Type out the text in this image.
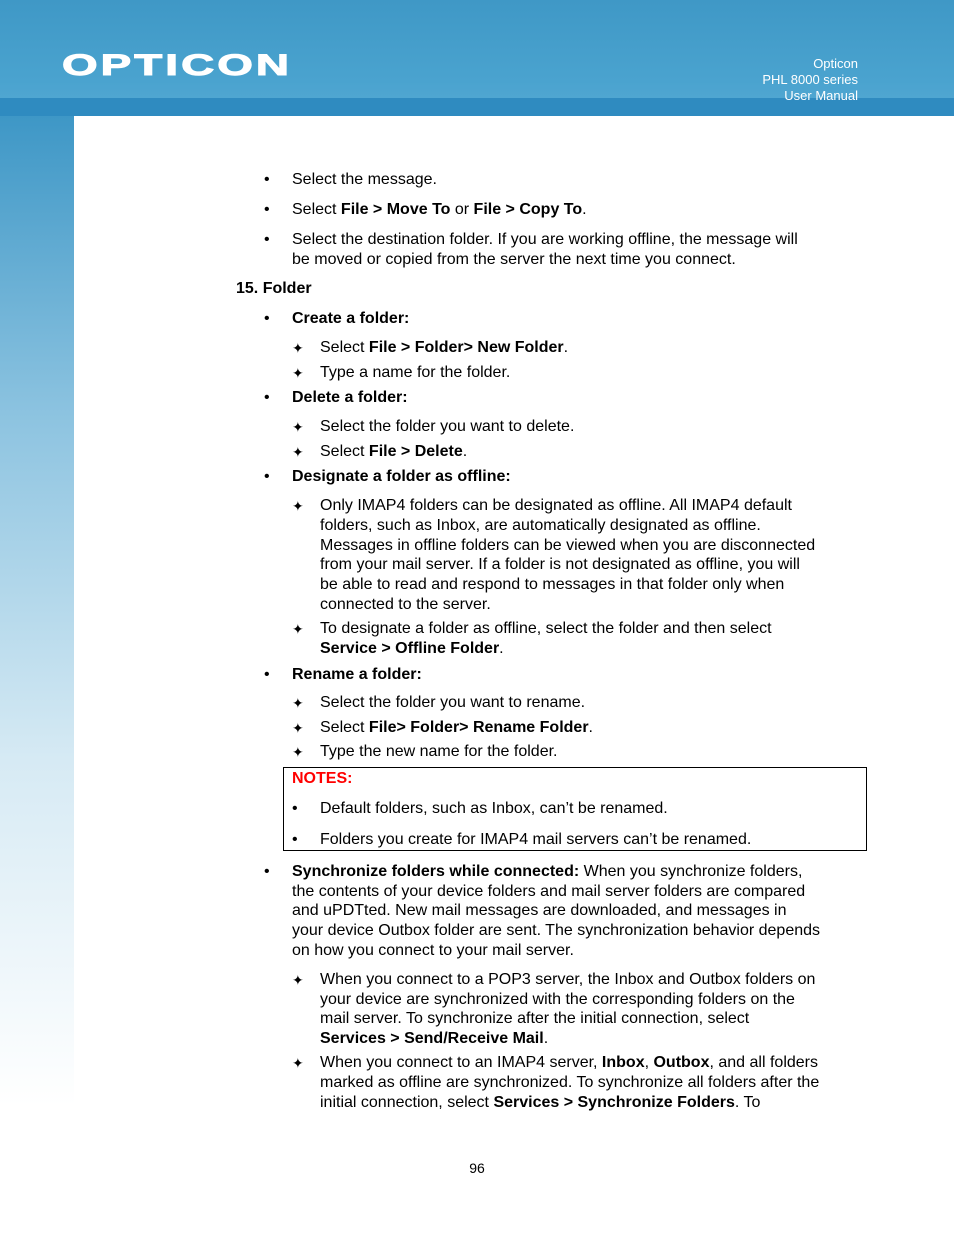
OPTICON	Opticon
PHL 8000 series
User Manual
• Select the message.
• Select File > Move To or File > Copy To.
• Select the destination folder. If you are working offline, the message will
be moved or copied from the server the next time you connect.
15. Folder
• Create a folder:
✦ Select File > Folder> New Folder.
✦ Type a name for the folder.
• Delete a folder:
✦ Select the folder you want to delete.
✦ Select File > Delete.
• Designate a folder as offline:
✦ Only IMAP4 folders can be designated as offline. All IMAP4 default
folders, such as Inbox, are automatically designated as offline.
Messages in offline folders can be viewed when you are disconnected
from your mail server. If a folder is not designated as offline, you will
be able to read and respond to messages in that folder only when
connected to the server.
✦ To designate a folder as offline, select the folder and then select
Service > Offline Folder.
• Rename a folder:
✦ Select the folder you want to rename.
✦ Select File> Folder> Rename Folder.
✦ Type the new name for the folder.
NOTES:
• Default folders, such as Inbox, can’t be renamed.
• Folders you create for IMAP4 mail servers can’t be renamed.
• Synchronize folders while connected: When you synchronize folders,
the contents of your device folders and mail server folders are compared
and uPDTted. New mail messages are downloaded, and messages in
your device Outbox folder are sent. The synchronization behavior depends
on how you connect to your mail server.
✦ When you connect to a POP3 server, the Inbox and Outbox folders on
your device are synchronized with the corresponding folders on the
mail server. To synchronize after the initial connection, select
Services > Send/Receive Mail.
✦ When you connect to an IMAP4 server, Inbox, Outbox, and all folders
marked as offline are synchronized. To synchronize all folders after the
initial connection, select Services > Synchronize Folders. To
96
